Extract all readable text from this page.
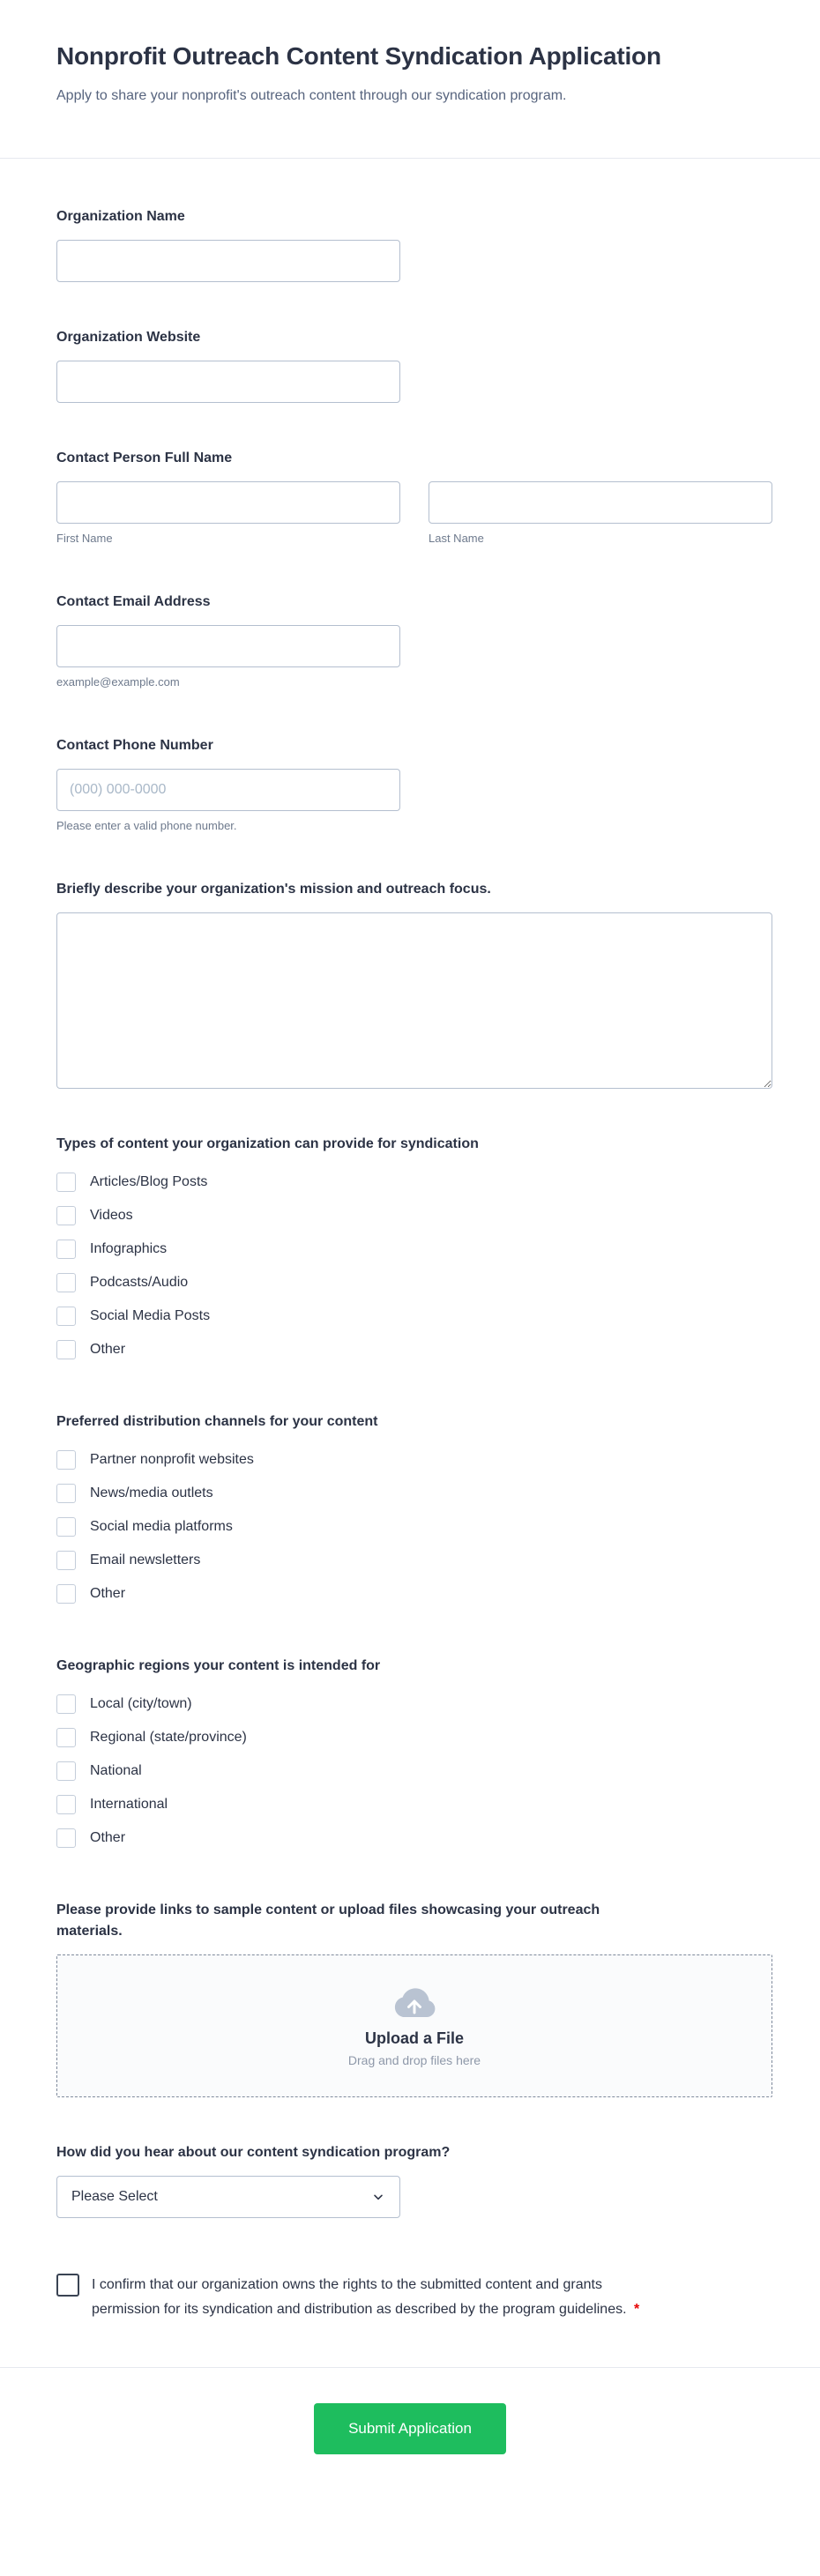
Nonprofit Outreach Content Syndication Application

Apply to share your nonprofit's outreach content through our syndication program.

Organization Name
Organization Website
Contact Person Full Name
First Name	Last Name
Contact Email Address
example@example.com
Contact Phone Number
(000) 000-0000
Please enter a valid phone number.
Briefly describe your organization's mission and outreach focus.
Types of content your organization can provide for syndication
Articles/Blog Posts
Videos
Infographics
Podcasts/Audio
Social Media Posts
Other
Preferred distribution channels for your content
Partner nonprofit websites
News/media outlets
Social media platforms
Email newsletters
Other
Geographic regions your content is intended for
Local (city/town)
Regional (state/province)
National
International
Other
Please provide links to sample content or upload files showcasing your outreach materials.
Upload a File
Drag and drop files here
How did you hear about our content syndication program?
Please Select
I confirm that our organization owns the rights to the submitted content and grants permission for its syndication and distribution as described by the program guidelines. *
Submit Application
